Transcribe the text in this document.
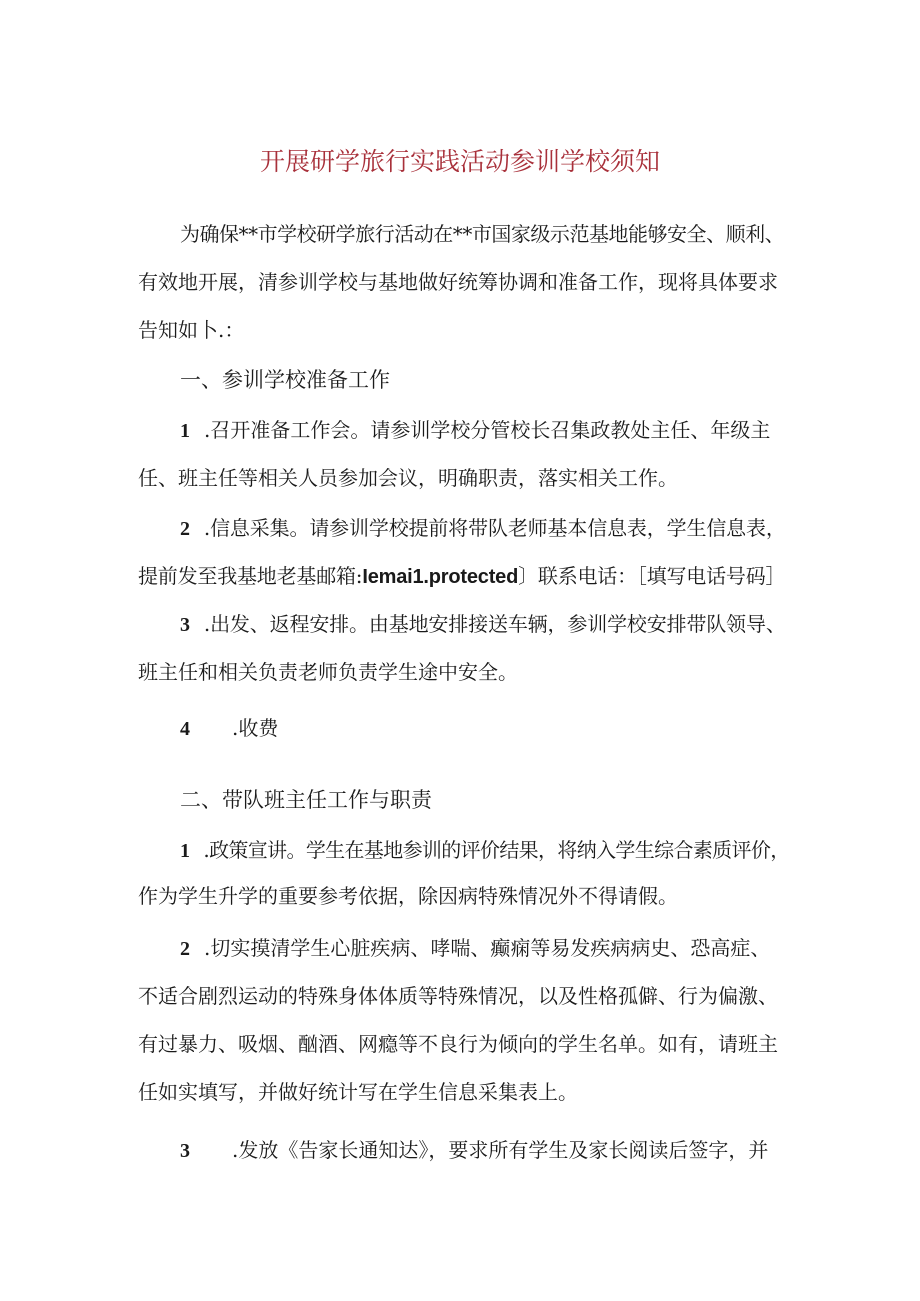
开展研学旅行实践活动参训学校须知
为确保**市学校研学旅行活动在**市国家级示范基地能够安全、顺利、
有效地开展，清参训学校与基地做好统筹协调和准备工作，现将具体要求
告知如卜.：
一、参训学校准备工作
1 .召开准备工作会。请参训学校分管校长召集政教处主任、年级主
任、班主任等相关人员参加会议，明确职责，落实相关工作。
2 .信息采集。请参训学校提前将带队老师基本信息表，学生信息表，
提前发至我基地老基邮箱:Iemai1.protected〕联系电话：［填写电话号码］
3 .出发、返程安排。由基地安排接送车辆，参训学校安排带队领导、
班主任和相关负责老师负责学生途中安全。
4 .收费
二、带队班主任工作与职责
1 .政策宣讲。学生在基地参训的评价结果，将纳入学生综合素质评价，
作为学生升学的重要参考依据，除因病特殊情况外不得请假。
2 .切实摸清学生心脏疾病、哮喘、癫痫等易发疾病病史、恐高症、
不适合剧烈运动的特殊身体体质等特殊情况，以及性格孤僻、行为偏激、
有过暴力、吸烟、酗酒、网瘾等不良行为倾向的学生名单。如有，请班主
任如实填写，并做好统计写在学生信息采集表上。
3 .发放《告家长通知达》，要求所有学生及家长阅读后签字，并
